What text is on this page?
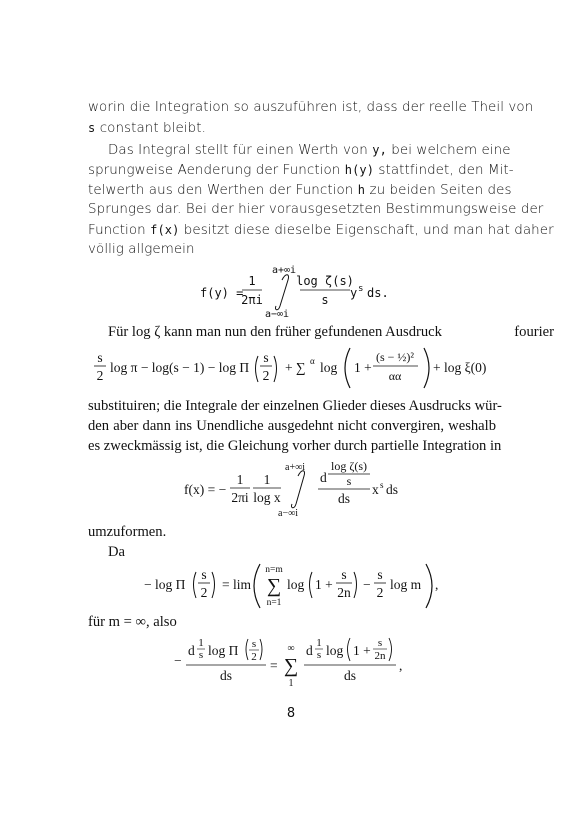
worin die Integration so auszuführen ist, dass der reelle Theil von
s constant bleibt.
Das Integral stellt für einen Werth von y, bei welchem eine
sprungweise Aenderung der Function h(y) stattfindet, den Mit-
telwerth aus den Werthen der Function h zu beiden Seiten des
Sprunges dar. Bei der hier vorausgesetzten Bestimmungsweise der
Function f(x) besitzt diese dieselbe Eigenschaft, und man hat daher
völlig allgemein
f(y) =
1
2πi
a+∞i
a−∞i
log ζ(s)
s y s ds.
Für log ζ kann man nun den früher gefundenen Ausdruck	fourier
s
2
log π − log(s − 1) − log Π
s
2
+ ∑ α log 1 +
(s − ½)²
αα
+ log ξ(0)
substituiren; die Integrale der einzelnen Glieder dieses Ausdrucks wür-
den aber dann ins Unendliche ausgedehnt nicht convergiren, weshalb
es zweckmässig ist, die Gleichung vorher durch partielle Integration in
f(x) = −
1
2πi
1
log x
a+∞i
a−∞i
d
log ζ(s)
s
ds
x s ds
umzuformen.
Da
− log Π
s
2
= lim
n=m
∑
n=1
log 1 +
s
2n
−
s
2
log m ,
für m = ∞, also
−
d 1
s log Π s
2
ds
=
∞
∑
1
d 1
s log 1 + s
2n
ds
,
8
